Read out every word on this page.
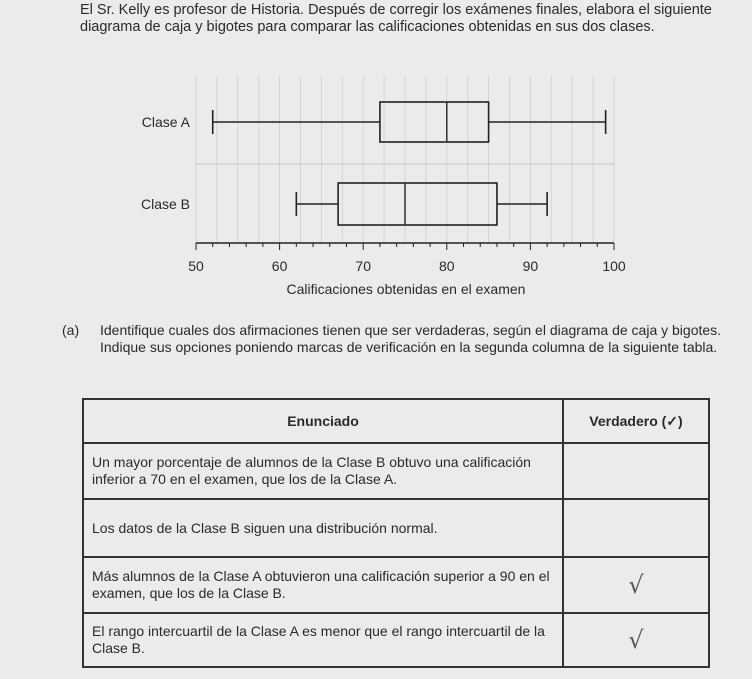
El Sr. Kelly es profesor de Historia. Después de corregir los exámenes finales, elabora el siguiente diagrama de caja y bigotes para comparar las calificaciones obtenidas en sus dos clases.
Clase A
Clase B
50	60	70	80	90	100
Calificaciones obtenidas en el examen
(a) Identifique cuales dos afirmaciones tienen que ser verdaderas, según el diagrama de caja y bigotes. Indique sus opciones poniendo marcas de verificación en la segunda columna de la siguiente tabla.
Enunciado	Verdadero (✓)
Un mayor porcentaje de alumnos de la Clase B obtuvo una calificación inferior a 70 en el examen, que los de la Clase A.	
Los datos de la Clase B siguen una distribución normal.	
Más alumnos de la Clase A obtuvieron una calificación superior a 90 en el examen, que los de la Clase B.	√
El rango intercuartil de la Clase A es menor que el rango intercuartil de la Clase B.	√
